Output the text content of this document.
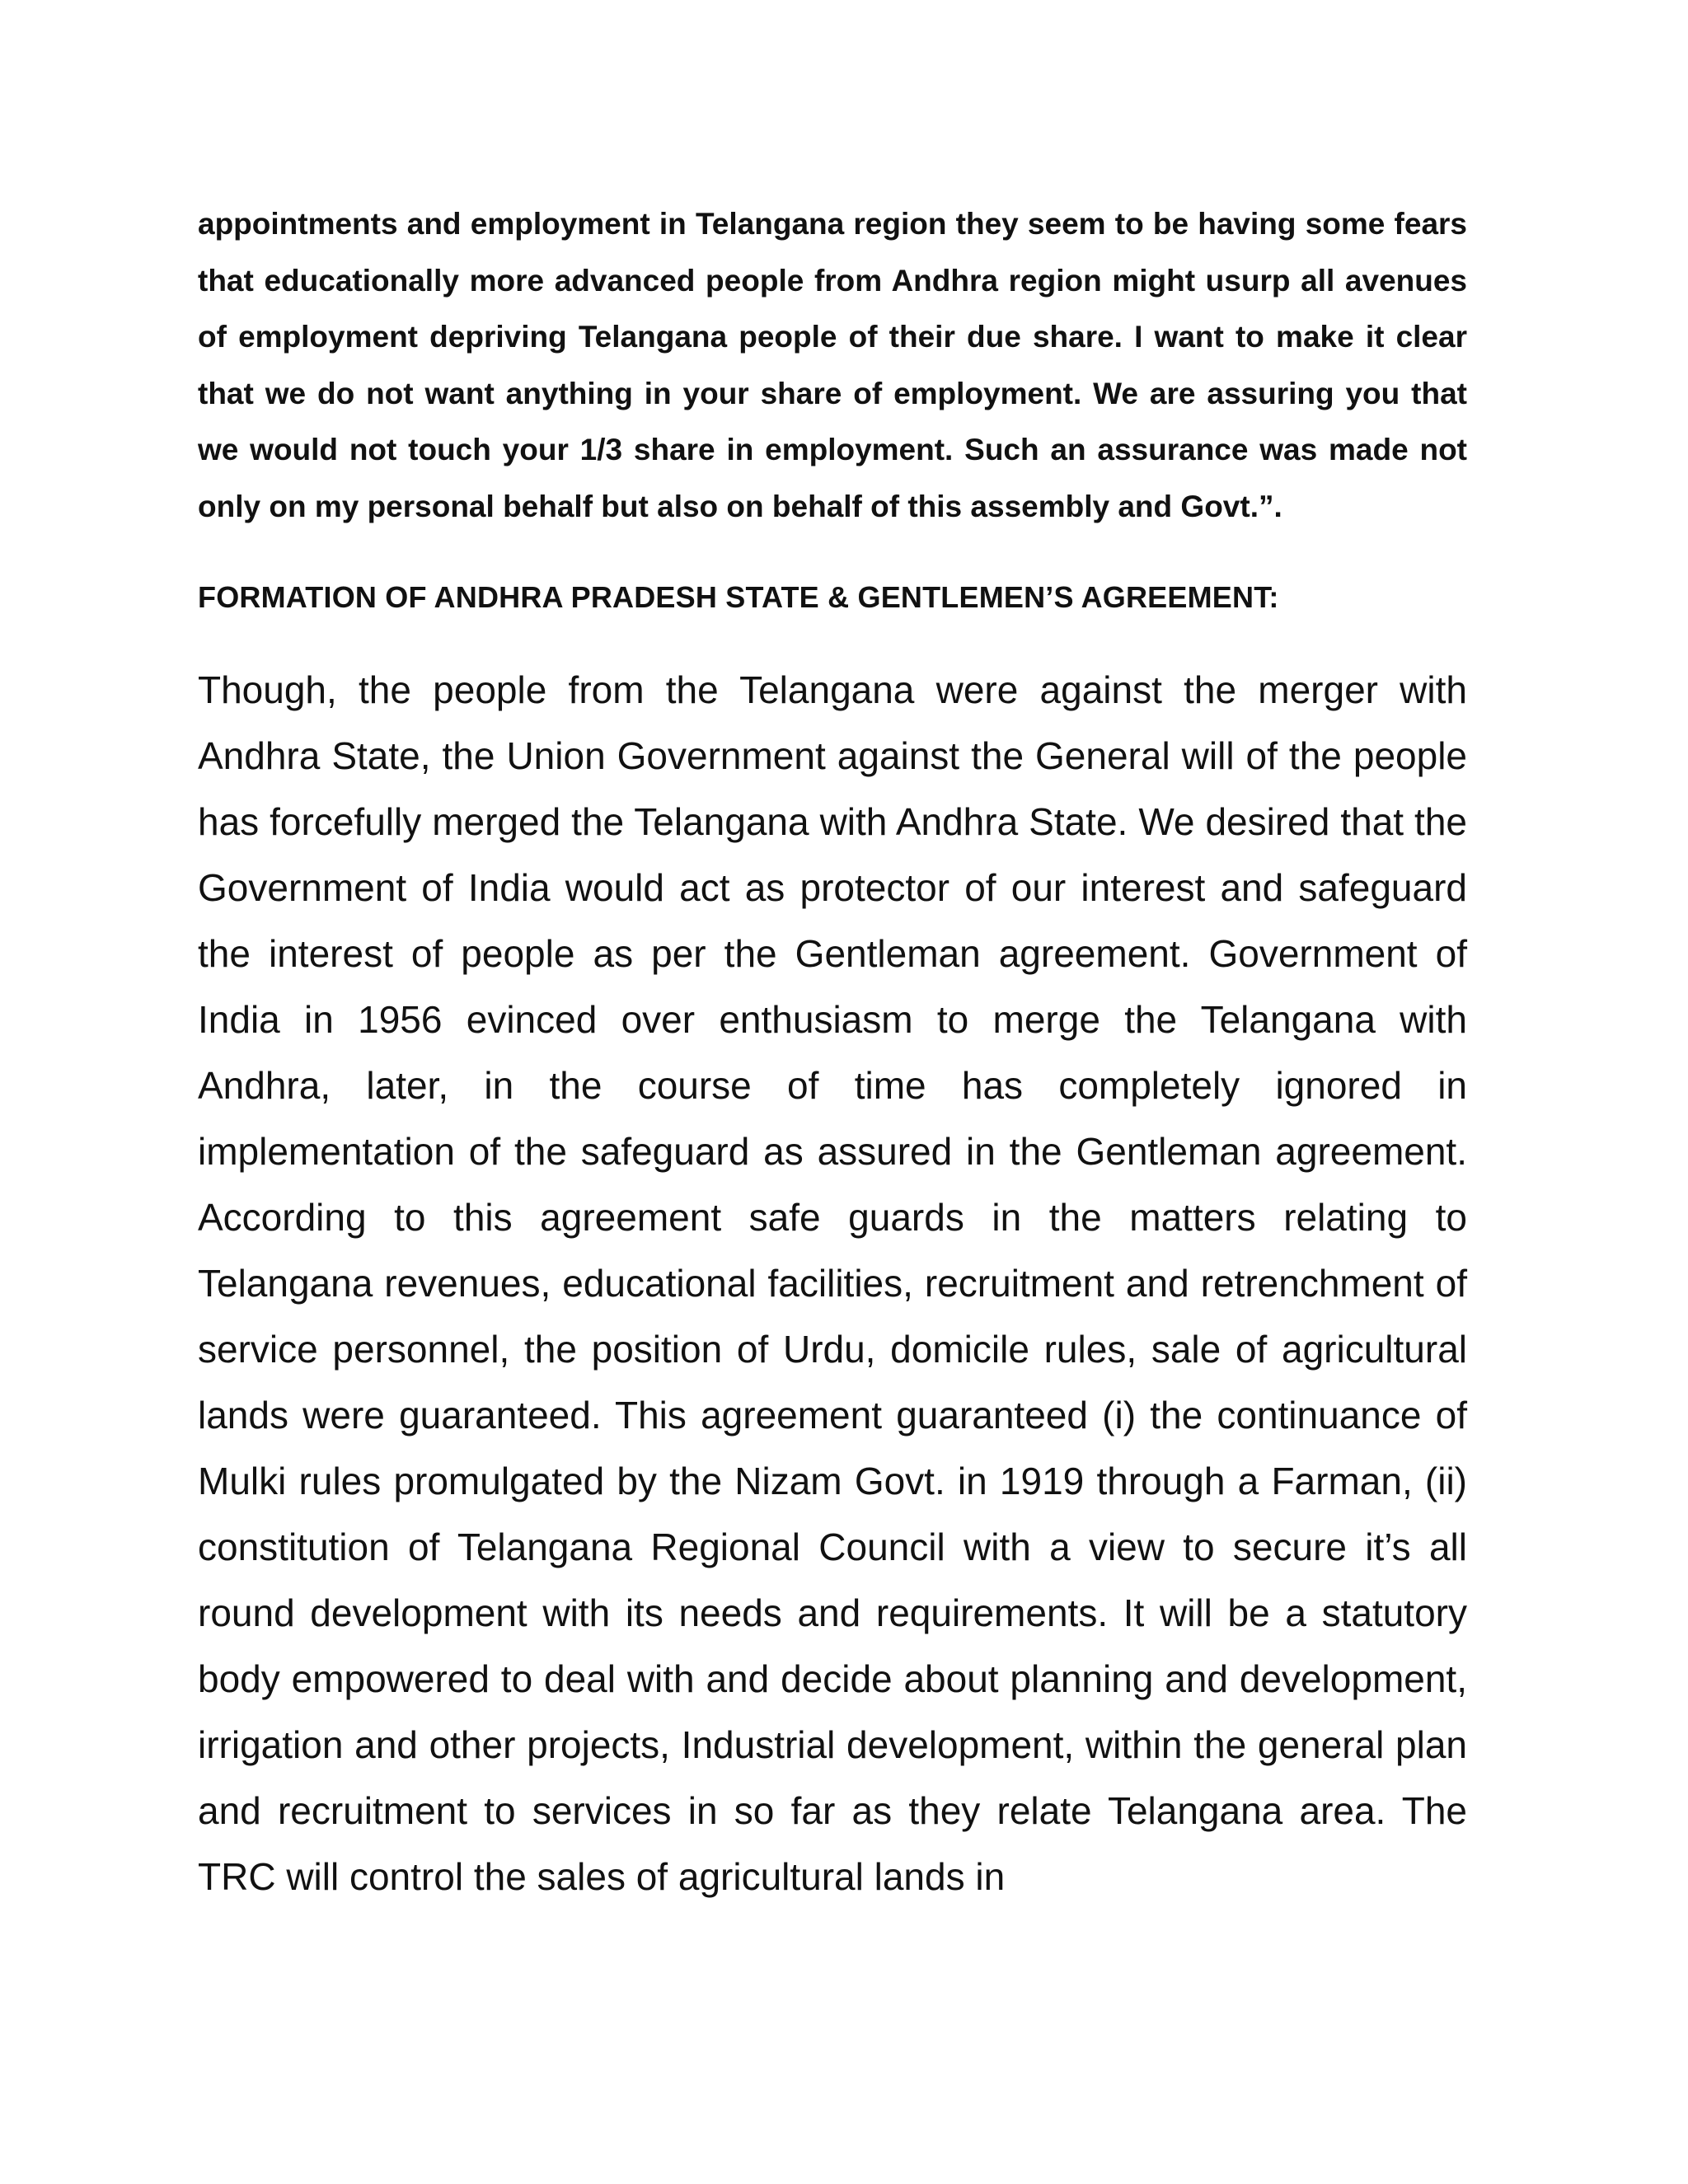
appointments and employment in Telangana region they seem to be having some fears that educationally more advanced people from Andhra region might usurp all avenues of employment depriving Telangana people of their due share. I want to make it clear that we do not want anything in your share of employment. We are assuring you that we would not touch your 1/3 share in employment. Such an assurance was made not only on my personal behalf but also on behalf of this assembly and Govt.”.

FORMATION OF ANDHRA PRADESH STATE & GENTLEMEN’S AGREEMENT:

Though, the people from the Telangana were against the merger with Andhra State, the Union Government against the General will of the people has forcefully merged the Telangana with Andhra State. We desired that the Government of India would act as protector of our interest and safeguard the interest of people as per the Gentleman agreement. Government of India in 1956 evinced over enthusiasm to merge the Telangana with Andhra, later, in the course of time has completely ignored in implementation of the safeguard as assured in the Gentleman agreement. According to this agreement safe guards in the matters relating to Telangana revenues, educational facilities, recruitment and retrenchment of service personnel, the position of Urdu, domicile rules, sale of agricultural lands were guaranteed. This agreement guaranteed (i) the continuance of Mulki rules promulgated by the Nizam Govt. in 1919 through a Farman, (ii) constitution of Telangana Regional Council with a view to secure it’s all round development with its needs and requirements. It will be a statutory body empowered to deal with and decide about planning and development, irrigation and other projects, Industrial development, within the general plan and recruitment to services in so far as they relate Telangana area. The TRC will control the sales of agricultural lands in
